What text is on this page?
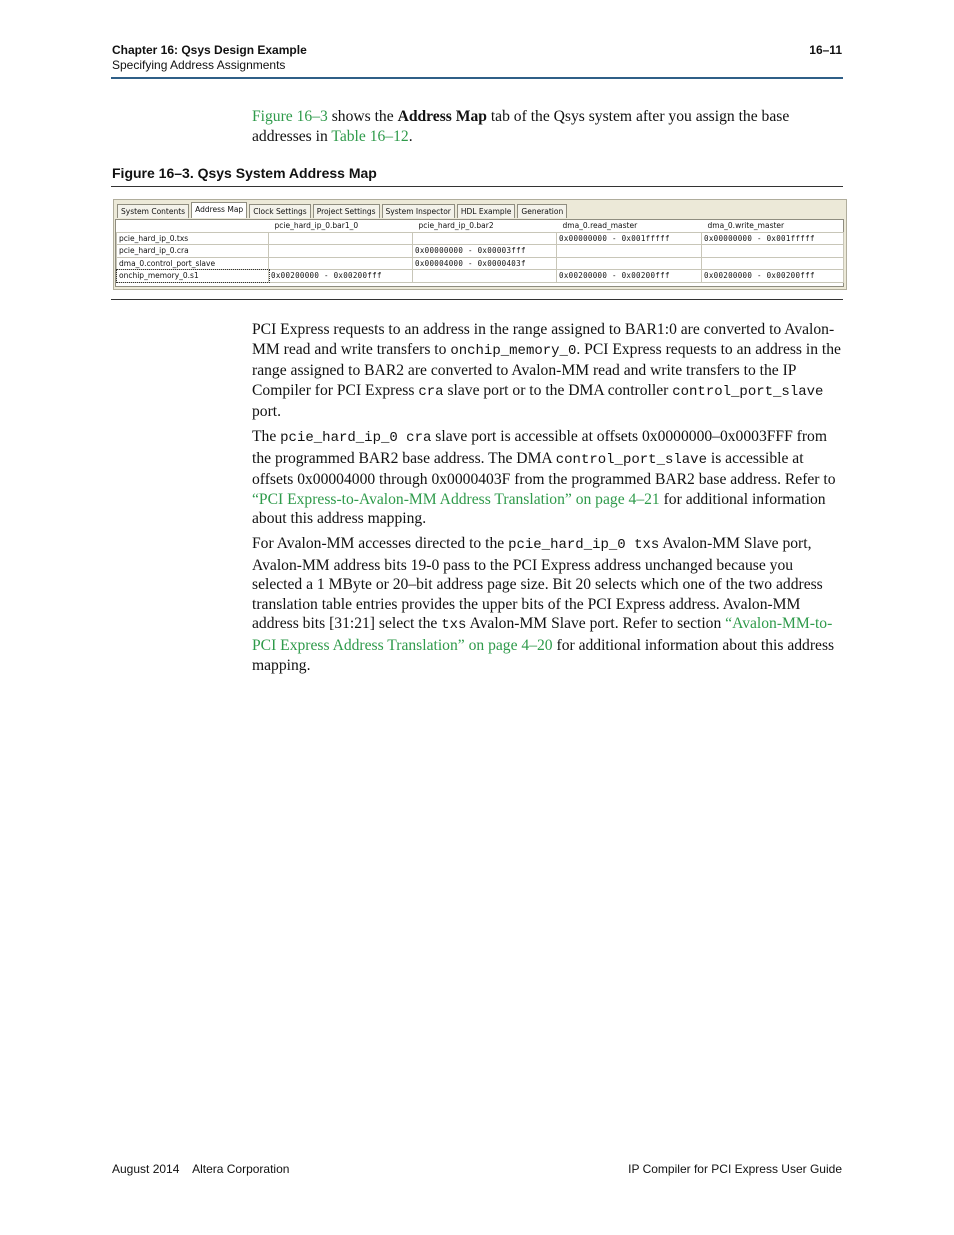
Chapter 16: Qsys Design Example
Specifying Address Assignments
16–11

Figure 16–3 shows the Address Map tab of the Qsys system after you assign the base addresses in Table 16–12.

Figure 16–3. Qsys System Address Map
System Contents	Address Map	Clock Settings	Project Settings	System Inspector	HDL Example	Generation
	pcie_hard_ip_0.bar1_0	pcie_hard_ip_0.bar2	dma_0.read_master	dma_0.write_master
pcie_hard_ip_0.txs			0x00000000 - 0x001fffff	0x00000000 - 0x001fffff
pcie_hard_ip_0.cra		0x00000000 - 0x00003fff		
dma_0.control_port_slave		0x00004000 - 0x0000403f		
onchip_memory_0.s1	0x00200000 - 0x00200fff		0x00200000 - 0x00200fff	0x00200000 - 0x00200fff

PCI Express requests to an address in the range assigned to BAR1:0 are converted to Avalon-MM read and write transfers to onchip_memory_0. PCI Express requests to an address in the range assigned to BAR2 are converted to Avalon-MM read and write transfers to the IP Compiler for PCI Express cra slave port or to the DMA controller control_port_slave port.

The pcie_hard_ip_0 cra slave port is accessible at offsets 0x0000000–0x0003FFF from the programmed BAR2 base address. The DMA control_port_slave is accessible at offsets 0x00004000 through 0x0000403F from the programmed BAR2 base address. Refer to “PCI Express-to-Avalon-MM Address Translation” on page 4–21 for additional information about this address mapping.

For Avalon-MM accesses directed to the pcie_hard_ip_0 txs Avalon-MM Slave port, Avalon-MM address bits 19-0 pass to the PCI Express address unchanged because you selected a 1 MByte or 20–bit address page size. Bit 20 selects which one of the two address translation table entries provides the upper bits of the PCI Express address. Avalon-MM address bits [31:21] select the txs Avalon-MM Slave port. Refer to section “Avalon-MM-to-PCI Express Address Translation” on page 4–20 for additional information about this address mapping.

August 2014    Altera Corporation	IP Compiler for PCI Express User Guide
